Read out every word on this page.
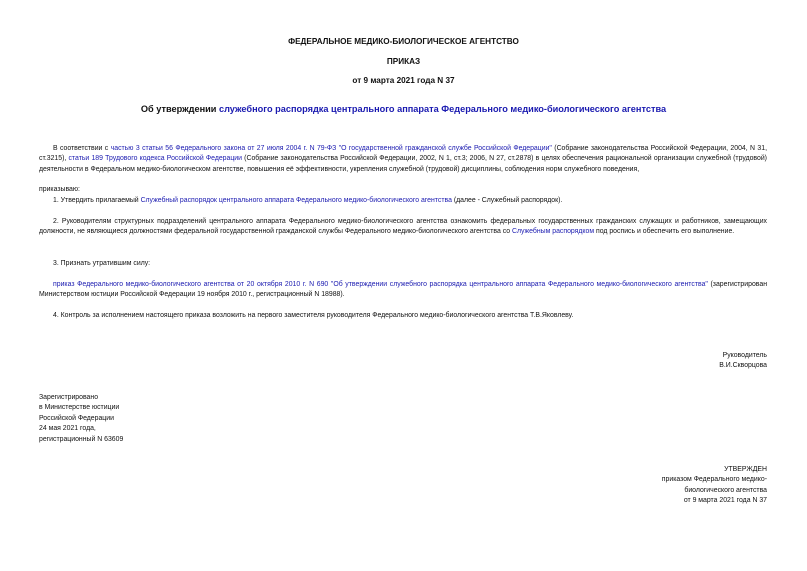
ФЕДЕРАЛЬНОЕ МЕДИКО-БИОЛОГИЧЕСКОЕ АГЕНТСТВО
ПРИКАЗ
от 9 марта 2021 года N 37
Об утверждении служебного распорядка центрального аппарата Федерального медико-биологического агентства
В соответствии с частью 3 статьи 56 Федерального закона от 27 июля 2004 г. N 79-ФЗ "О государственной гражданской службе Российской Федерации" (Собрание законодательства Российской Федерации, 2004, N 31, ст.3215), статьи 189 Трудового кодекса Российской Федерации (Собрание законодательства Российской Федерации, 2002, N 1, ст.3; 2006, N 27, ст.2878) в целях обеспечения рациональной организации служебной (трудовой) деятельности в Федеральном медико-биологическом агентстве, повышения её эффективности, укрепления служебной (трудовой) дисциплины, соблюдения норм служебного поведения,
приказываю:
1. Утвердить прилагаемый Служебный распорядок центрального аппарата Федерального медико-биологического агентства (далее - Служебный распорядок).
2. Руководителям структурных подразделений центрального аппарата Федерального медико-биологического агентства ознакомить федеральных государственных гражданских служащих и работников, замещающих должности, не являющиеся должностями федеральной государственной гражданской службы Федерального медико-биологического агентства со Служебным распорядком под роспись и обеспечить его выполнение.
3. Признать утратившим силу:
приказ Федерального медико-биологического агентства от 20 октября 2010 г. N 690 "Об утверждении служебного распорядка центрального аппарата Федерального медико-биологического агентства" (зарегистрирован Министерством юстиции Российской Федерации 19 ноября 2010 г., регистрационный N 18988).
4. Контроль за исполнением настоящего приказа возложить на первого заместителя руководителя Федерального медико-биологического агентства Т.В.Яковлеву.
Руководитель
В.И.Скворцова
Зарегистрировано
в Министерстве юстиции
Российской Федерации
24 мая 2021 года,
регистрационный N 63609
УТВЕРЖДЕН
приказом Федерального медико-
биологического агентства
от 9 марта 2021 года N 37
